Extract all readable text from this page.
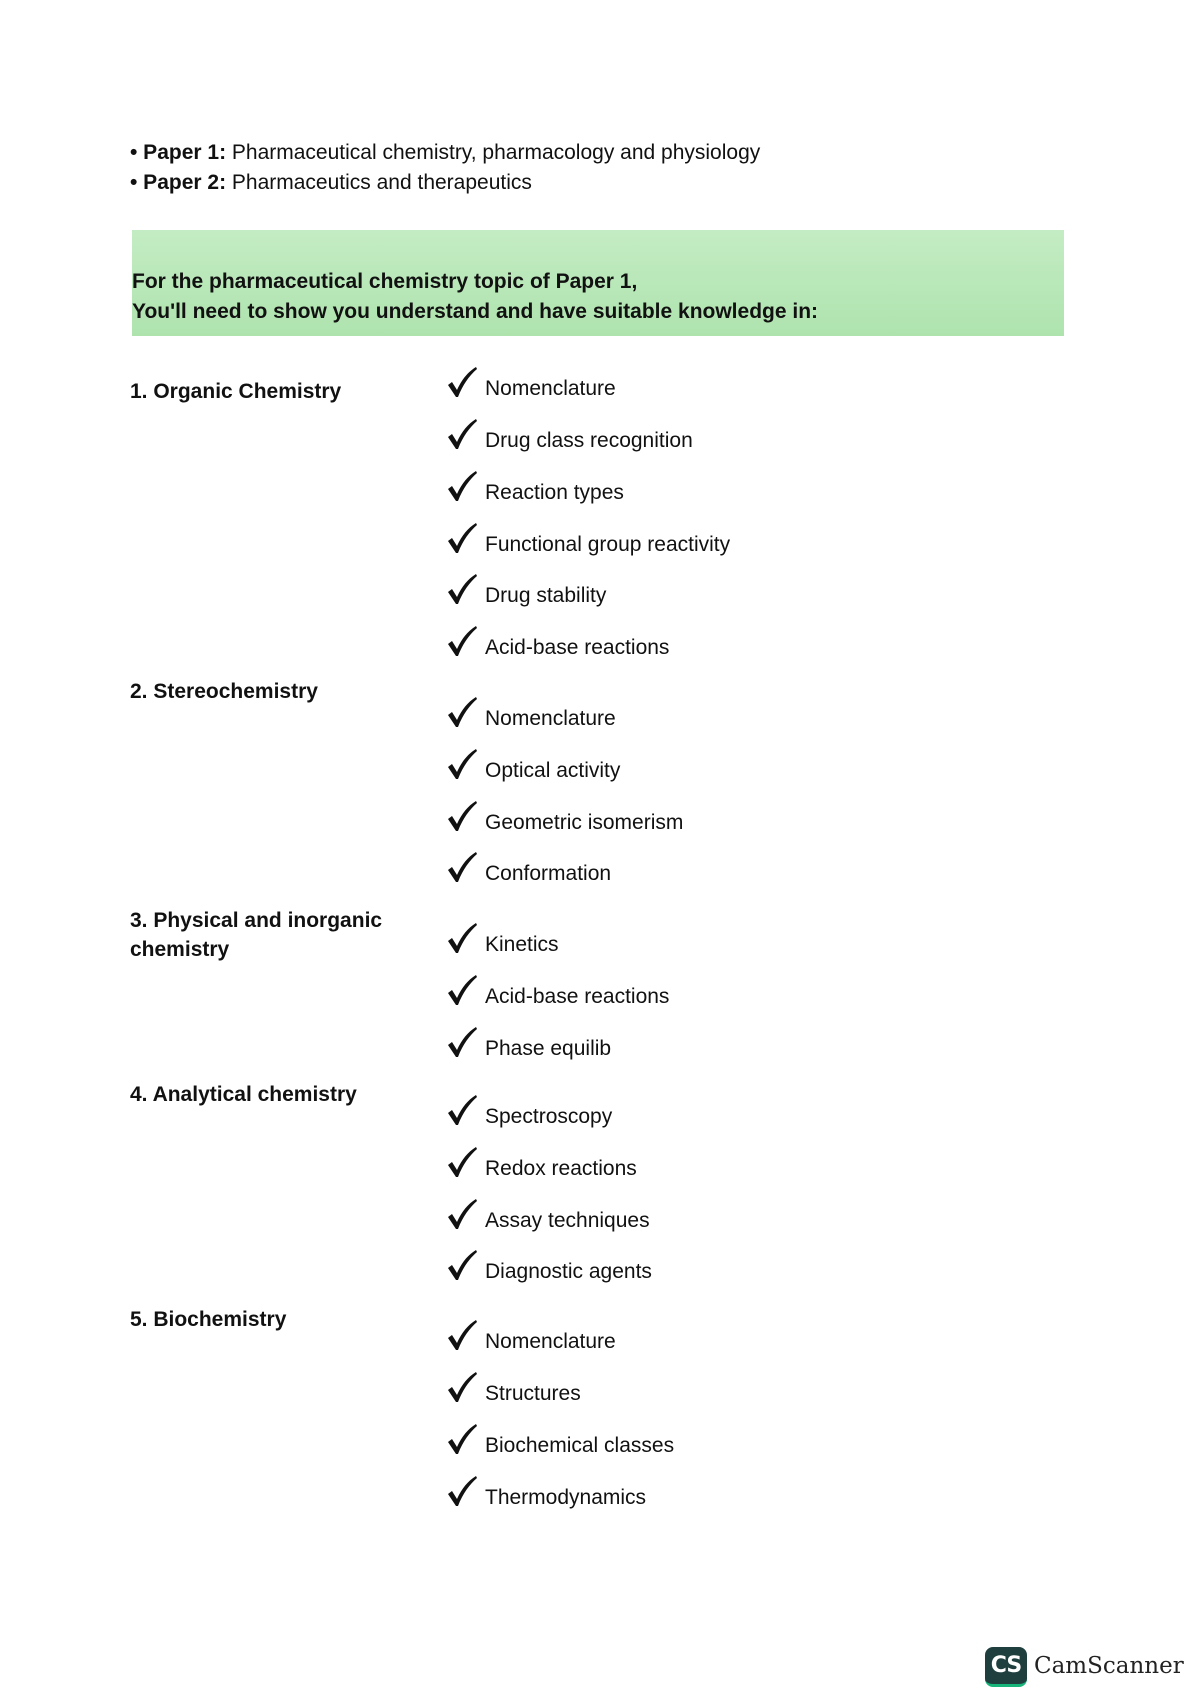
• Paper 1: Pharmaceutical chemistry, pharmacology and physiology
• Paper 2: Pharmaceutics and therapeutics
For the pharmaceutical chemistry topic of Paper 1,
You'll need to show you understand and have suitable knowledge in:
1. Organic Chemistry	Nomenclature
Drug class recognition
Reaction types
Functional group reactivity
Drug stability
Acid-base reactions
2. Stereochemistry
Nomenclature
Optical activity
Geometric isomerism
Conformation
3. Physical and inorganic chemistry	Kinetics
Acid-base reactions
Phase equilib
4. Analytical chemistry
Spectroscopy
Redox reactions
Assay techniques
Diagnostic agents
5. Biochemistry
Nomenclature
Structures
Biochemical classes
Thermodynamics
CS CamScanner
